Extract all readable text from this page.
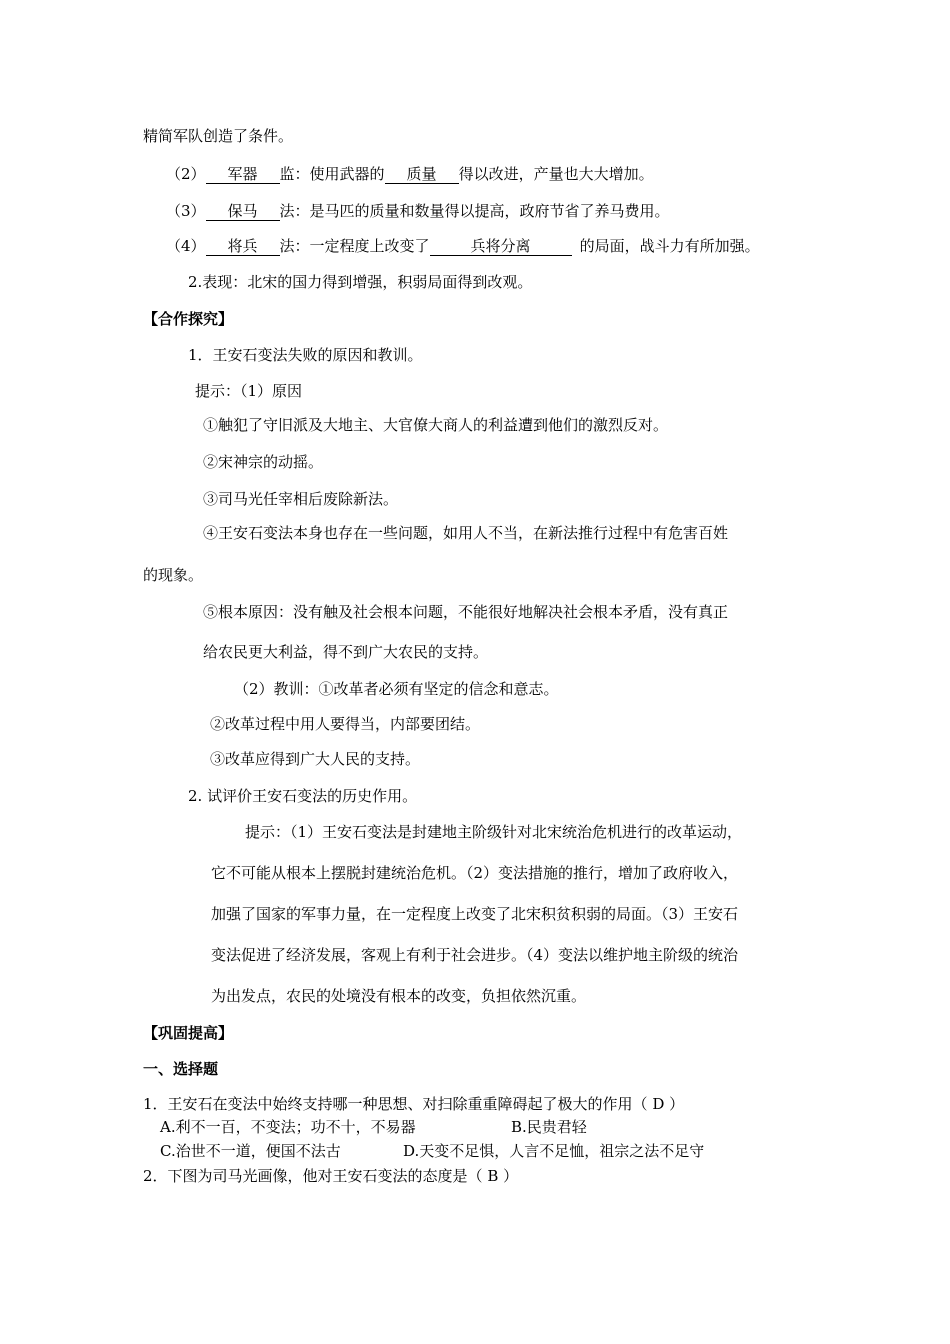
精简军队创造了条件。
（2） 军器 监：使用武器的 质量 得以改进，产量也大大增加。
（3） 保马 法：是马匹的质量和数量得以提高，政府节省了养马费用。
（4） 将兵 法：一定程度上改变了	兵将分离	的局面，战斗力有所加强。
2.表现：北宋的国力得到增强，积弱局面得到改观。
【合作探究】
1．王安石变法失败的原因和教训。
提示：（1）原因
①触犯了守旧派及大地主、大官僚大商人的利益遭到他们的激烈反对。
②宋神宗的动摇。
③司马光任宰相后废除新法。
④王安石变法本身也存在一些问题，如用人不当，在新法推行过程中有危害百姓
的现象。
⑤根本原因：没有触及社会根本问题，不能很好地解决社会根本矛盾，没有真正
给农民更大利益，得不到广大农民的支持。
（2）教训：①改革者必须有坚定的信念和意志。
②改革过程中用人要得当，内部要团结。
③改革应得到广大人民的支持。
2. 试评价王安石变法的历史作用。
提示：（1）王安石变法是封建地主阶级针对北宋统治危机进行的改革运动，
它不可能从根本上摆脱封建统治危机。（2）变法措施的推行，增加了政府收入，
加强了国家的军事力量，在一定程度上改变了北宋积贫积弱的局面。（3）王安石
变法促进了经济发展，客观上有利于社会进步。（4）变法以维护地主阶级的统治
为出发点，农民的处境没有根本的改变，负担依然沉重。
【巩固提高】
一、选择题
1．王安石在变法中始终支持哪一种思想、对扫除重重障碍起了极大的作用（ D ）
A.利不一百，不变法；功不十，不易器	B.民贵君轻
C.治世不一道，便国不法古	D.天变不足惧，人言不足恤，祖宗之法不足守
2．下图为司马光画像，他对王安石变法的态度是（ B ）
